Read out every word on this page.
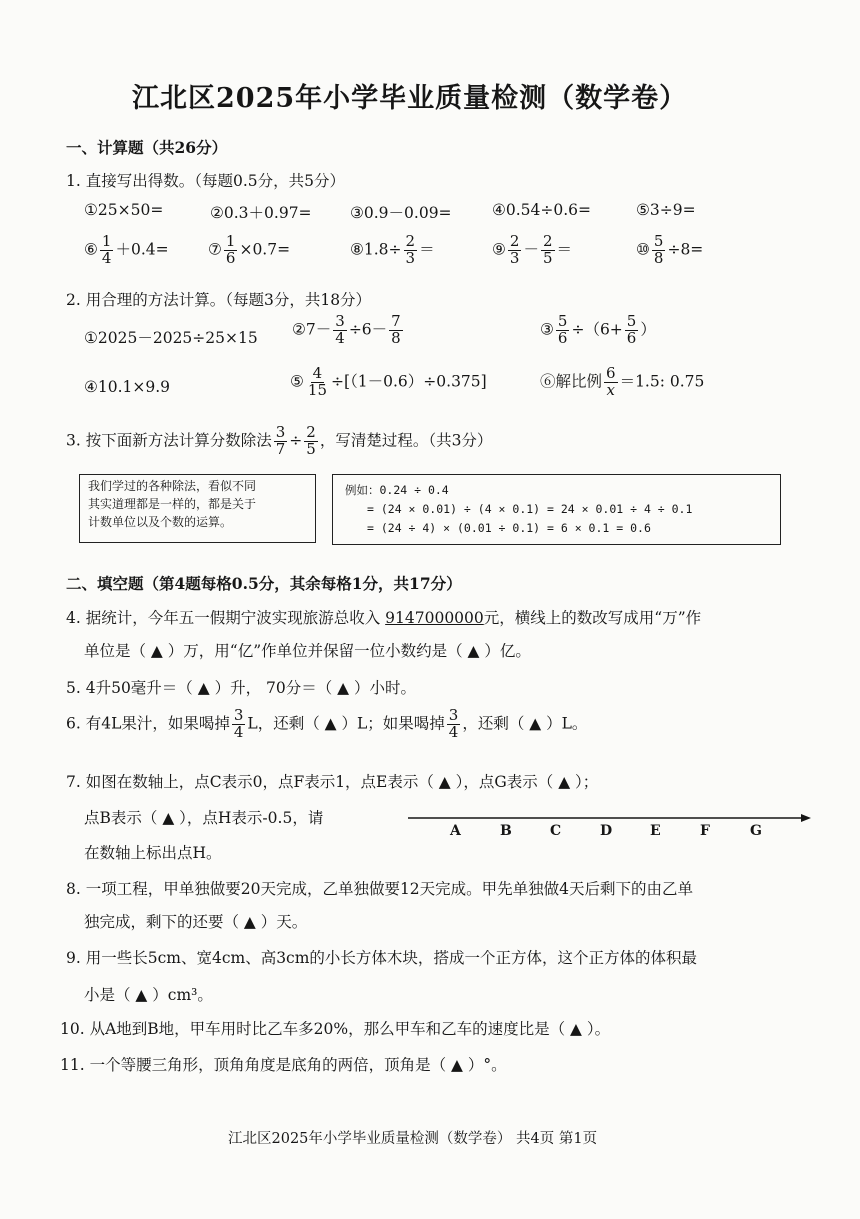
江北区2025年小学毕业质量检测（数学卷）
一、计算题（共26分）
1. 直接写出得数。（每题0.5分，共5分）
①25×50=	②0.3＋0.97= ③0.9－0.09=	④0.54÷0.6=	⑤3÷9=
⑥ $\frac{1}{4} +0.4=$	⑦ $\frac{1}{6} \times 0.7=$	⑧1.8÷ $\frac{2}{3}$ ＝	⑨ $\frac{2}{3} - \frac{2}{5}$ ＝	⑩ $\frac{5}{8} \div 8=$
2. 用合理的方法计算。（每题3分，共18分）
①2025－2025÷25×15 ②7－ $\frac{3}{4} \div 6- \frac{7}{8}$	③ $\frac{5}{6} \div(6+ \frac{5}{6}$ ）
④10.1×9.9	⑤ $\frac{4}{15} \div[(1-0.6)\div 0.375]$	⑥解比例 $\frac{6}{x} =1.5$: 0.75
3. 按下面新方法计算分数除法 $\frac{3}{7} \div \frac{2}{5}$ ，写清楚过程。（共3分）
我们学过的各种除法，看似不同
其实道理都是一样的，都是关于
计数单位以及个数的运算。
例如：0.24 ÷ 0.4
= (24 × 0.01) ÷ (4 × 0.1) = 24 × 0.01 ÷ 4 ÷ 0.1
= (24 ÷ 4) × (0.01 ÷ 0.1) = 6 × 0.1 = 0.6
二、填空题（第4题每格0.5分，其余每格1分，共17分）
4. 据统计，今年五一假期宁波实现旅游总收入 9147000000元，横线上的数改写成用“万”作
单位是（ ▲ ）万，用“亿”作单位并保留一位小数约是（ ▲ ）亿。
5. 4升50毫升＝（ ▲ ）升， 70分＝（ ▲ ）小时。
6. 有4L果汁，如果喝掉 $\frac{3}{4}$ L，还剩（ ▲ ）L；如果喝掉 $\frac{3}{4}$ ，还剩（ ▲ ）L。
7. 如图在数轴上，点C表示0，点F表示1，点E表示（ ▲ ），点G表示（ ▲ ）；
点B表示（ ▲ ），点H表示-0.5，请
在数轴上标出点H。
A	B	C	D	E	F	G
8. 一项工程，甲单独做要20天完成，乙单独做要12天完成。甲先单独做4天后剩下的由乙单
独完成，剩下的还要（ ▲ ）天。
9. 用一些长5cm、宽4cm、高3cm的小长方体木块，搭成一个正方体，这个正方体的体积最
小是（ ▲ ）cm³。
10. 从A地到B地，甲车用时比乙车多20%，那么甲车和乙车的速度比是（ ▲ ）。
11. 一个等腰三角形，顶角角度是底角的两倍，顶角是（ ▲ ）°。
江北区2025年小学毕业质量检测（数学卷） 共4页 第1页
